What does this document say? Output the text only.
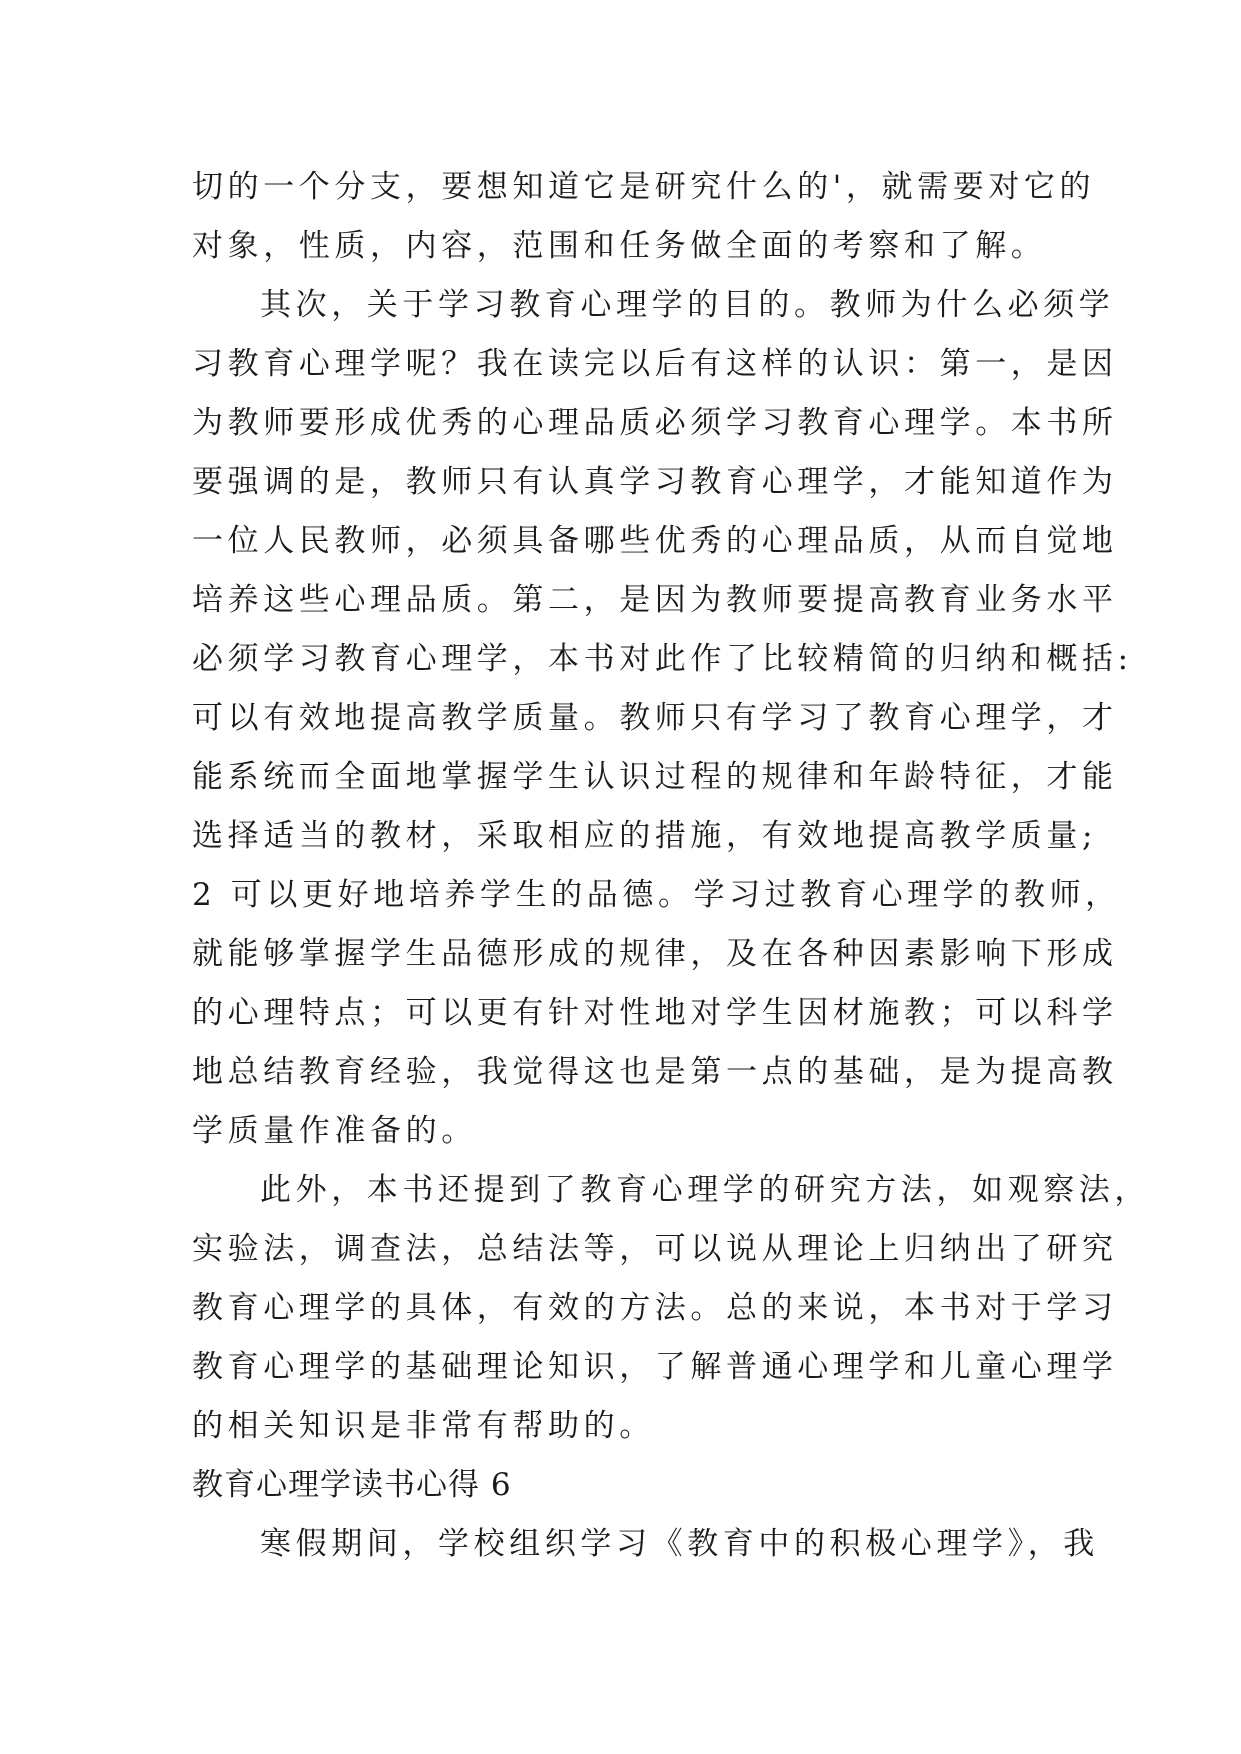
切的一个分支，要想知道它是研究什么的'，就需要对它的

对象，性质，内容，范围和任务做全面的考察和了解。

其次，关于学习教育心理学的目的。教师为什么必须学

习教育心理学呢？我在读完以后有这样的认识：第一，是因

为教师要形成优秀的心理品质必须学习教育心理学。本书所

要强调的是，教师只有认真学习教育心理学，才能知道作为

一位人民教师，必须具备哪些优秀的心理品质，从而自觉地

培养这些心理品质。第二，是因为教师要提高教育业务水平

必须学习教育心理学，本书对此作了比较精简的归纳和概括:

可以有效地提高教学质量。教师只有学习了教育心理学，才

能系统而全面地掌握学生认识过程的规律和年龄特征，才能

选择适当的教材，采取相应的措施，有效地提高教学质量;

2 可以更好地培养学生的品德。学习过教育心理学的教师，

就能够掌握学生品德形成的规律，及在各种因素影响下形成

的心理特点；可以更有针对性地对学生因材施教；可以科学

地总结教育经验，我觉得这也是第一点的基础，是为提高教

学质量作准备的。

此外，本书还提到了教育心理学的研究方法，如观察法，

实验法，调查法，总结法等，可以说从理论上归纳出了研究

教育心理学的具体，有效的方法。总的来说，本书对于学习

教育心理学的基础理论知识，了解普通心理学和儿童心理学

的相关知识是非常有帮助的。

教育心理学读书心得 6

寒假期间，学校组织学习《教育中的积极心理学》，我
